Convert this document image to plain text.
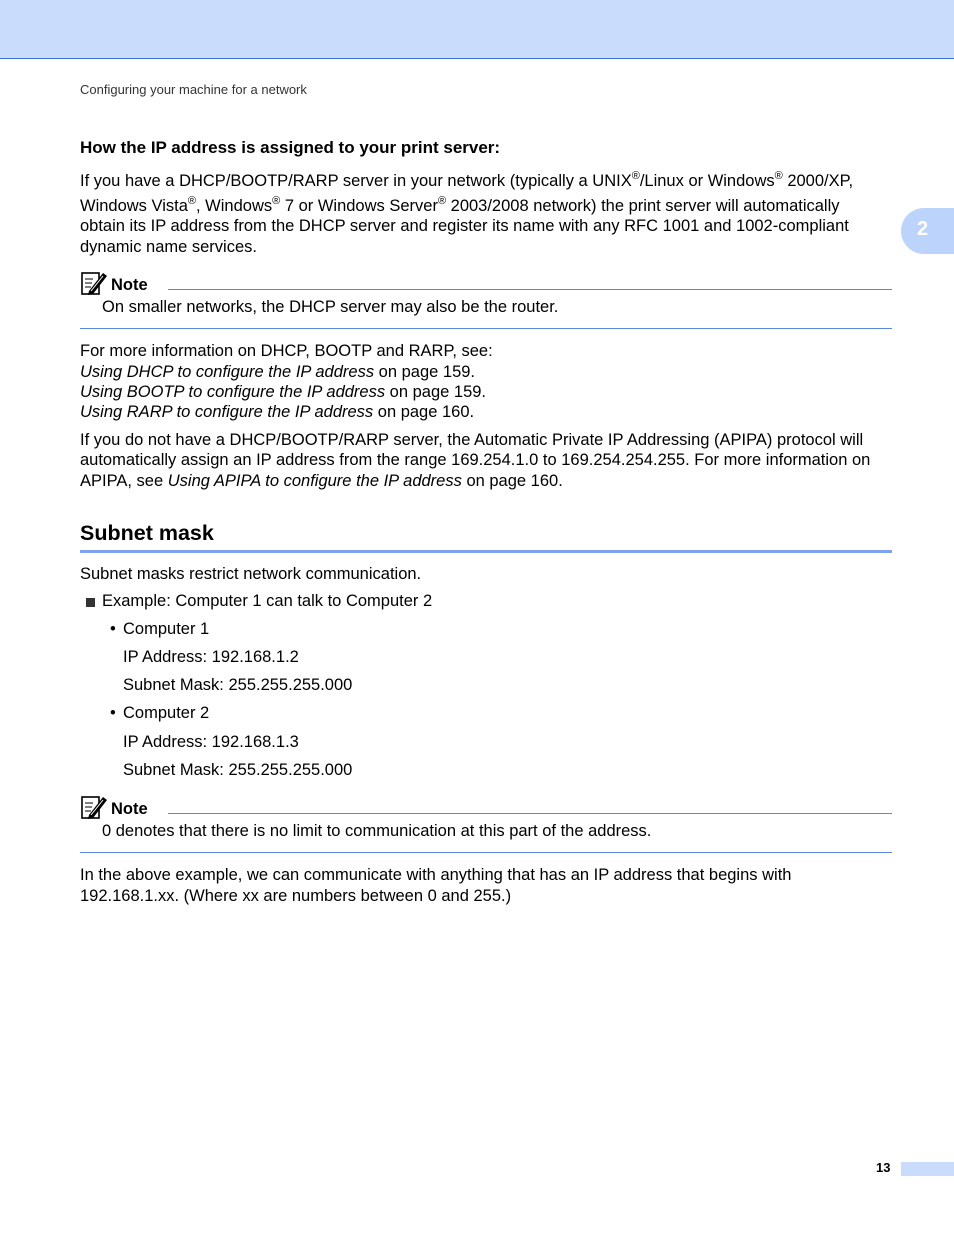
Configuring your machine for a network
2
How the IP address is assigned to your print server:
If you have a DHCP/BOOTP/RARP server in your network (typically a UNIX®/Linux or Windows® 2000/XP,
Windows Vista®, Windows® 7 or Windows Server® 2003/2008 network) the print server will automatically
obtain its IP address from the DHCP server and register its name with any RFC 1001 and 1002-compliant
dynamic name services.
Note
On smaller networks, the DHCP server may also be the router.
For more information on DHCP, BOOTP and RARP, see:
Using DHCP to configure the IP address on page 159.
Using BOOTP to configure the IP address on page 159.
Using RARP to configure the IP address on page 160.
If you do not have a DHCP/BOOTP/RARP server, the Automatic Private IP Addressing (APIPA) protocol will
automatically assign an IP address from the range 169.254.1.0 to 169.254.254.255. For more information on
APIPA, see Using APIPA to configure the IP address on page 160.
Subnet mask
Subnet masks restrict network communication.
Example: Computer 1 can talk to Computer 2
• Computer 1
IP Address: 192.168.1.2
Subnet Mask: 255.255.255.000
• Computer 2
IP Address: 192.168.1.3
Subnet Mask: 255.255.255.000
Note
0 denotes that there is no limit to communication at this part of the address.
In the above example, we can communicate with anything that has an IP address that begins with
192.168.1.xx. (Where xx are numbers between 0 and 255.)
13
